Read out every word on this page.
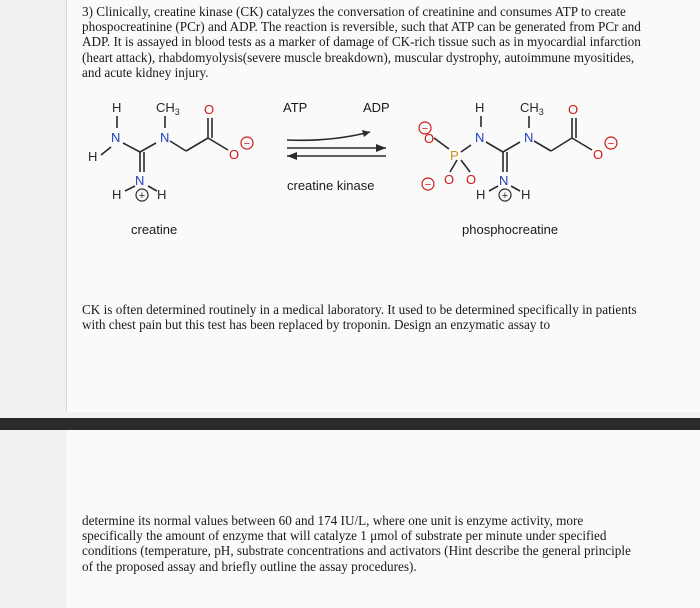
3) Clinically, creatine kinase (CK) catalyzes the conversation of creatinine and consumes ATP to create phospocreatinine (PCr) and ADP. The reaction is reversible, such that ATP can be generated from PCr and ADP. It is assayed in blood tests as a marker of damage of CK-rich tissue such as in myocardial infarction (heart attack), rhabdomyolysis(severe muscle breakdown), muscular dystrophy, autoimmune myositides, and acute kidney injury.

H
N
H
$CH_3$
N
O
O
−
N
H + H
creatine
ATP	ADP
creatine kinase
−
O
P
H
N
O
−	O
$CH_3$
N
O
O
−
N
H + H
phosphocreatine

CK is often determined routinely in a medical laboratory. It used to be determined specifically in patients with chest pain but this test has been replaced by troponin. Design an enzymatic assay to

determine its normal values between 60 and 174 IU/L, where one unit is enzyme activity, more specifically the amount of enzyme that will catalyze 1 μmol of substrate per minute under specified conditions (temperature, pH, substrate concentrations and activators (Hint describe the general principle of the proposed assay and briefly outline the assay procedures).
